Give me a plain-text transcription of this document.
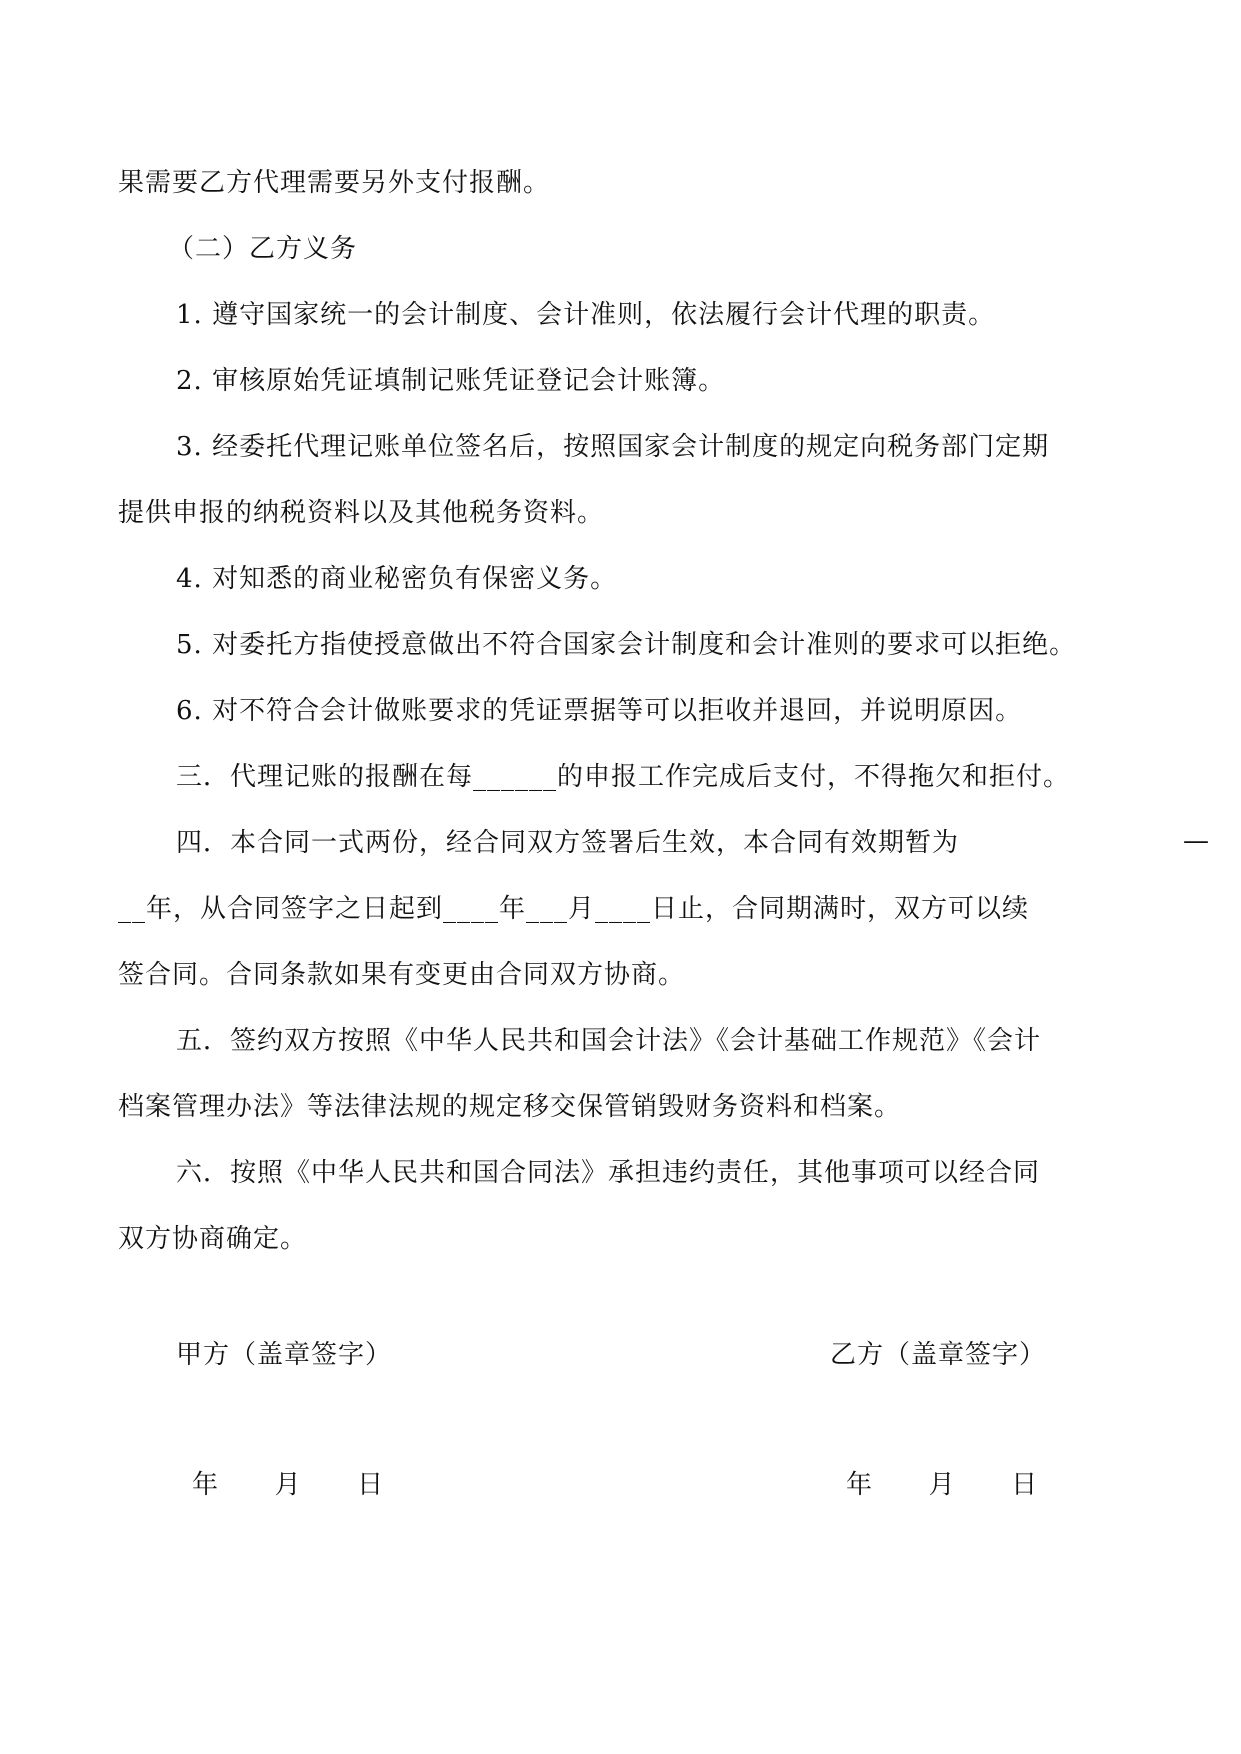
果需要乙方代理需要另外支付报酬。
（二）乙方义务
1. 遵守国家统一的会计制度、会计准则，依法履行会计代理的职责。
2. 审核原始凭证填制记账凭证登记会计账簿。
3. 经委托代理记账单位签名后，按照国家会计制度的规定向税务部门定期
提供申报的纳税资料以及其他税务资料。
4. 对知悉的商业秘密负有保密义务。
5. 对委托方指使授意做出不符合国家会计制度和会计准则的要求可以拒绝。
6. 对不符合会计做账要求的凭证票据等可以拒收并退回，并说明原因。
三．代理记账的报酬在每______的申报工作完成后支付，不得拖欠和拒付。
四．本合同一式两份，经合同双方签署后生效，本合同有效期暂为	—
__年，从合同签字之日起到____年___月____日止，合同期满时，双方可以续
签合同。合同条款如果有变更由合同双方协商。
五．签约双方按照《中华人民共和国会计法》《会计基础工作规范》《会计
档案管理办法》等法律法规的规定移交保管销毁财务资料和档案。
六．按照《中华人民共和国合同法》承担违约责任，其他事项可以经合同
双方协商确定。
甲方（盖章签字）	乙方（盖章签字）
年      月      日	年      月      日
